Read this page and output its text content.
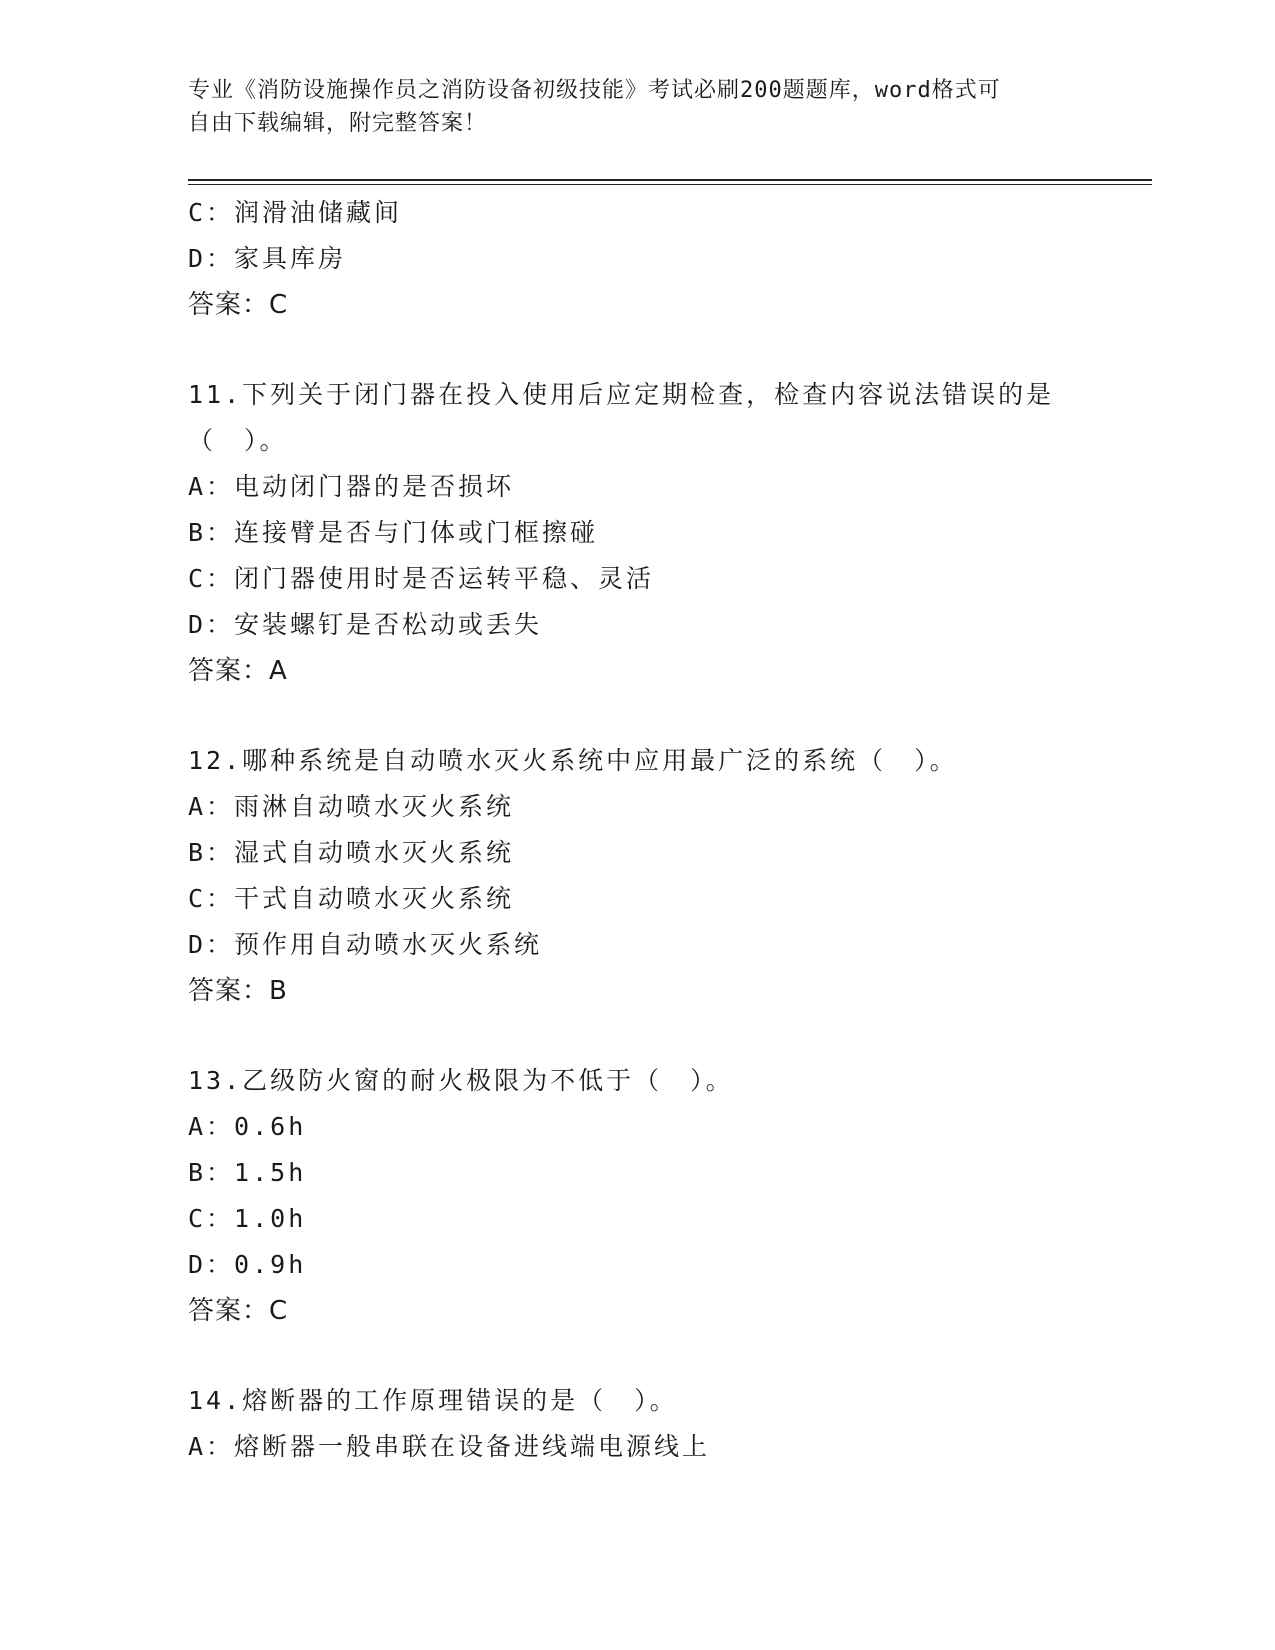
专业《消防设施操作员之消防设备初级技能》考试必刷200题题库，word格式可
自由下载编辑，附完整答案！
C：润滑油储藏间
D：家具库房
答案：C
11.下列关于闭门器在投入使用后应定期检查，检查内容说法错误的是
（　）。
A：电动闭门器的是否损坏
B：连接臂是否与门体或门框擦碰
C：闭门器使用时是否运转平稳、灵活
D：安装螺钉是否松动或丢失
答案：A
12.哪种系统是自动喷水灭火系统中应用最广泛的系统（　）。
A：雨淋自动喷水灭火系统
B：湿式自动喷水灭火系统
C：干式自动喷水灭火系统
D：预作用自动喷水灭火系统
答案：B
13.乙级防火窗的耐火极限为不低于（　）。
A：0.6h
B：1.5h
C：1.0h
D：0.9h
答案：C
14.熔断器的工作原理错误的是（　）。
A：熔断器一般串联在设备进线端电源线上
